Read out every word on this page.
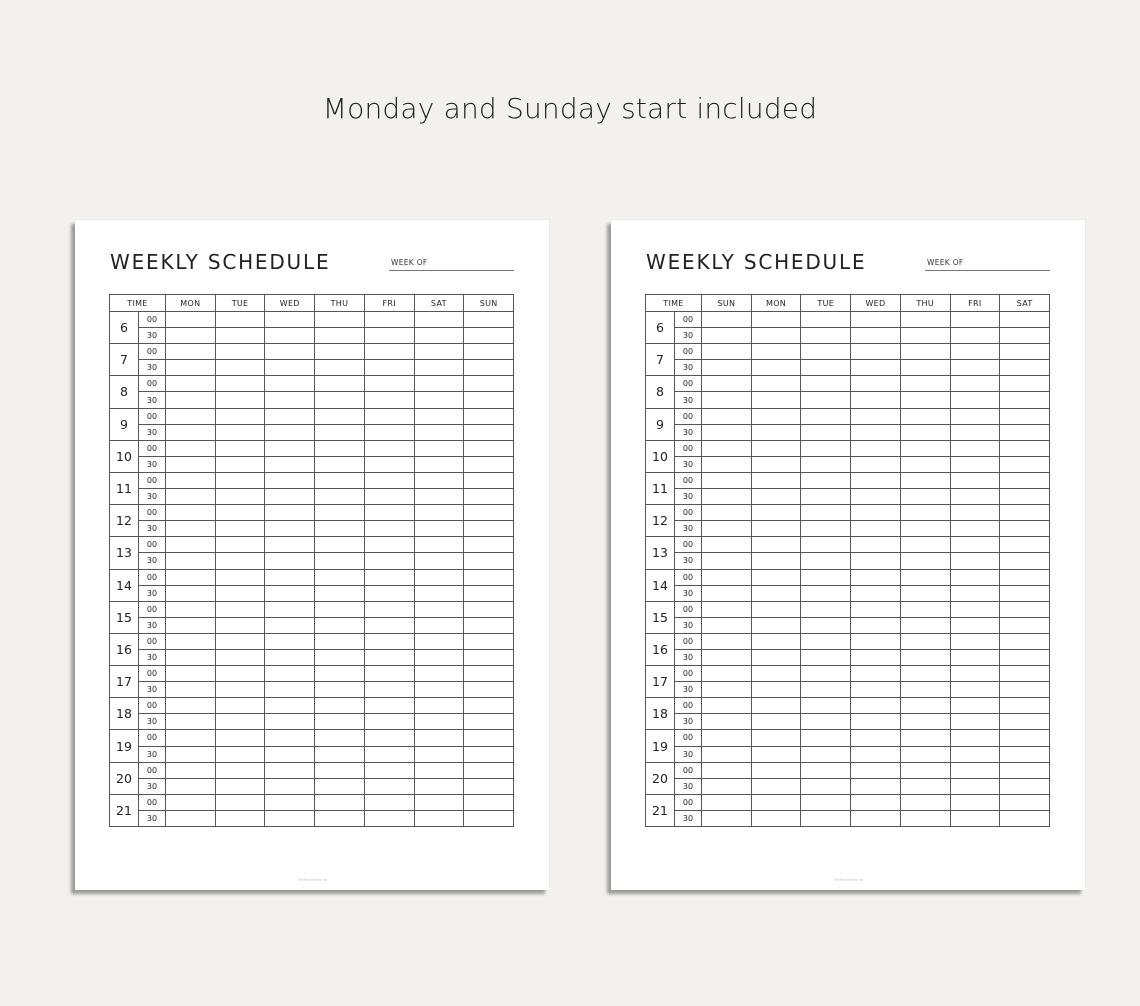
Monday and Sunday start included
WEEKLY SCHEDULE	WEEK OF
TIME		MON	TUE	WED	THU	FRI	SAT	SUN
6	00							
	30							
7	00							
	30							
8	00							
	30							
9	00							
	30							
10	00							
	30							
11	00							
	30							
12	00							
	30							
13	00							
	30							
14	00							
	30							
15	00							
	30							
16	00							
	30							
17	00							
	30							
18	00							
	30							
19	00							
	30							
20	00							
	30							
21	00							
	30							
ThePlannerPrints
WEEKLY SCHEDULE	WEEK OF
TIME		SUN	MON	TUE	WED	THU	FRI	SAT
6	00							
	30							
7	00							
	30							
8	00							
	30							
9	00							
	30							
10	00							
	30							
11	00							
	30							
12	00							
	30							
13	00							
	30							
14	00							
	30							
15	00							
	30							
16	00							
	30							
17	00							
	30							
18	00							
	30							
19	00							
	30							
20	00							
	30							
21	00							
	30							
ThePlannerPrints
